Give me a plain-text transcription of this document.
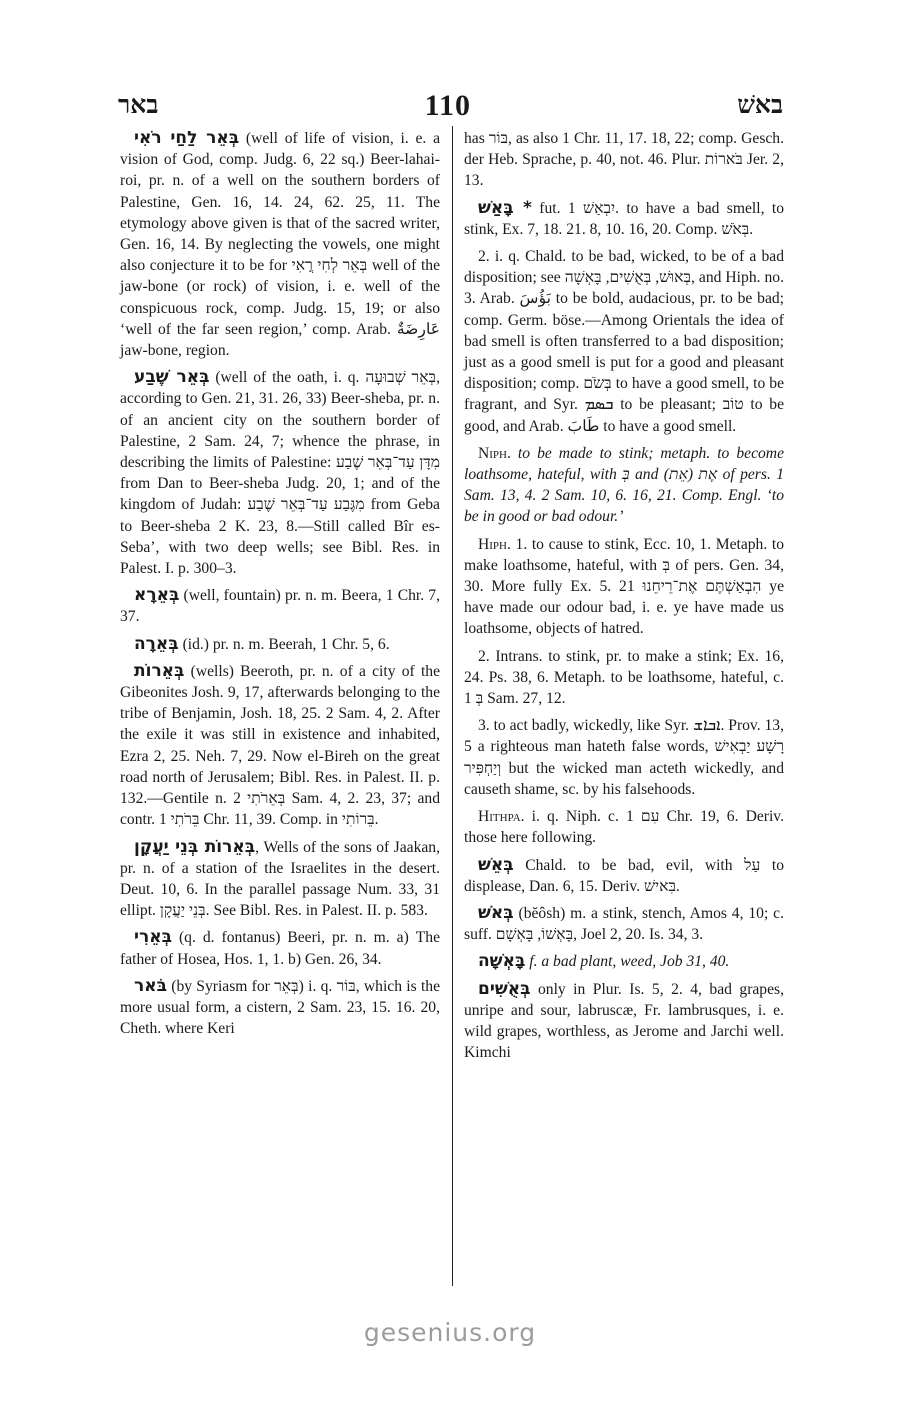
באר	110	באשׁ

בְּאֵר לַחַי רֹאִי (well of life of vision, i. e. a vision of God, comp. Judg. 6, 22 sq.) Beer-lahai-roi, pr. n. of a well on the southern borders of Palestine, Gen. 16, 14. 24, 62. 25, 11. The etymology above given is that of the sacred writer, Gen. 16, 14. By neglecting the vowels, one might also conjecture it to be for בְּאֵר לְחִי רֳאִי well of the jaw-bone (or rock) of vision, i. e. well of the conspicuous rock, comp. Judg. 15, 19; or also ‘well of the far seen region,’ comp. Arab. عَارِضَةٌ jaw-bone, region.

בְּאֵר שֶׁבַע (well of the oath, i. q. בְּאֵר שְׁבוּעָה, according to Gen. 21, 31. 26, 33) Beer-sheba, pr. n. of an ancient city on the southern border of Palestine, 2 Sam. 24, 7; whence the phrase, in describing the limits of Palestine: מִדָּן עַד־בְּאֵר שֶׁבַע from Dan to Beer-sheba Judg. 20, 1; and of the kingdom of Judah: מִגֶּבַע עַד־בְּאֵר שֶׁבַע from Geba to Beer-sheba 2 K. 23, 8.—Still called Bîr es-Seba’, with two deep wells; see Bibl. Res. in Palest. I. p. 300–3.

בְּאֵרָא (well, fountain) pr. n. m. Beera, 1 Chr. 7, 37.

בְּאֵרָה (id.) pr. n. m. Beerah, 1 Chr. 5, 6.

בְּאֵרוֹת (wells) Beeroth, pr. n. of a city of the Gibeonites Josh. 9, 17, afterwards belonging to the tribe of Benjamin, Josh. 18, 25. 2 Sam. 4, 2. After the exile it was still in existence and inhabited, Ezra 2, 25. Neh. 7, 29. Now el-Bireh on the great road north of Jerusalem; Bibl. Res. in Palest. II. p. 132.—Gentile n. בְּאֵרֹתִי 2 Sam. 4, 2. 23, 37; and contr. בֵּרֹתִי 1 Chr. 11, 39. Comp. in בֵּרוֹתִי.

בְּאֵרוֹת בְּנֵי יַעֲקָן, Wells of the sons of Jaakan, pr. n. of a station of the Israelites in the desert. Deut. 10, 6. In the parallel passage Num. 33, 31 ellipt. בְּנֵי יַעֲקָן. See Bibl. Res. in Palest. II. p. 583.

בְּאֵרִי (q. d. fontanus) Beeri, pr. n. m. a) The father of Hosea, Hos. 1, 1. b) Gen. 26, 34.

בֹּאר (by Syriasm for בְּאֵר) i. q. בּוֹר, which is the more usual form, a cistern, 2 Sam. 23, 15. 16. 20, Cheth. where Keri

has בּוֹר, as also 1 Chr. 11, 17. 18, 22; comp. Gesch. der Heb. Sprache, p. 40, not. 46. Plur. בֹּארוֹת Jer. 2, 13.

* בָּאַשׁ fut. יִבְאַשׁ 1. to have a bad smell, to stink, Ex. 7, 18. 21. 8, 10. 16, 20. Comp. בְּאֹשׁ.

2. i. q. Chald. to be bad, wicked, to be of a bad disposition; see בְּאוּשׁ, בְּאֻשִׁים, בָּאְשָׁה, and Hiph. no. 3. Arab. بَؤُسَ to be bold, audacious, pr. to be bad; comp. Germ. böse.—Among Orientals the idea of bad smell is often transferred to a bad disposition; just as a good smell is put for a good and pleasant disposition; comp. בְּשֹׂם to have a good smell, to be fragrant, and Syr. ܒܣܡ to be pleasant; טוֹב to be good, and Arab. طَابَ to have a good smell.

Niph. to be made to stink; metaph. to become loathsome, hateful, with בְּ and אֶת (אֵת) of pers. 1 Sam. 13, 4. 2 Sam. 10, 6. 16, 21. Comp. Engl. ‘to be in good or bad odour.’

Hiph. 1. to cause to stink, Ecc. 10, 1. Metaph. to make loathsome, hateful, with בְּ of pers. Gen. 34, 30. More fully Ex. 5. 21 הִבְאַשְׁתֶּם אֶת־רֵיחֵנוּ ye have made our odour bad, i. e. ye have made us loathsome, objects of hatred.

2. Intrans. to stink, pr. to make a stink; Ex. 16, 24. Ps. 38, 6. Metaph. to be loathsome, hateful, c. בְּ 1 Sam. 27, 12.

3. to act badly, wickedly, like Syr. ܐܒܐܫ. Prov. 13, 5 a righteous man hateth false words, רָשָׁע יַבְאִישׁ וְיַחְפִּיר but the wicked man acteth wickedly, and causeth shame, sc. by his falsehoods.

Hithpa. i. q. Niph. c. עִם 1 Chr. 19, 6. Deriv. those here following.

בְּאֵשׁ Chald. to be bad, evil, with עַל to displease, Dan. 6, 15. Deriv. בִּאישׁ.

בְּאֹשׁ (bĕôsh) m. a stink, stench, Amos 4, 10; c. suff. בָּאְשׁוֹ, בָּאְשָׁם, Joel 2, 20. Is. 34, 3.

בָּאְשָׁה f. a bad plant, weed, Job 31, 40.

בְּאֻשִׁים only in Plur. Is. 5, 2. 4, bad grapes, unripe and sour, labruscæ, Fr. lambrusques, i. e. wild grapes, worthless, as Jerome and Jarchi well. Kimchi

gesenius.org
